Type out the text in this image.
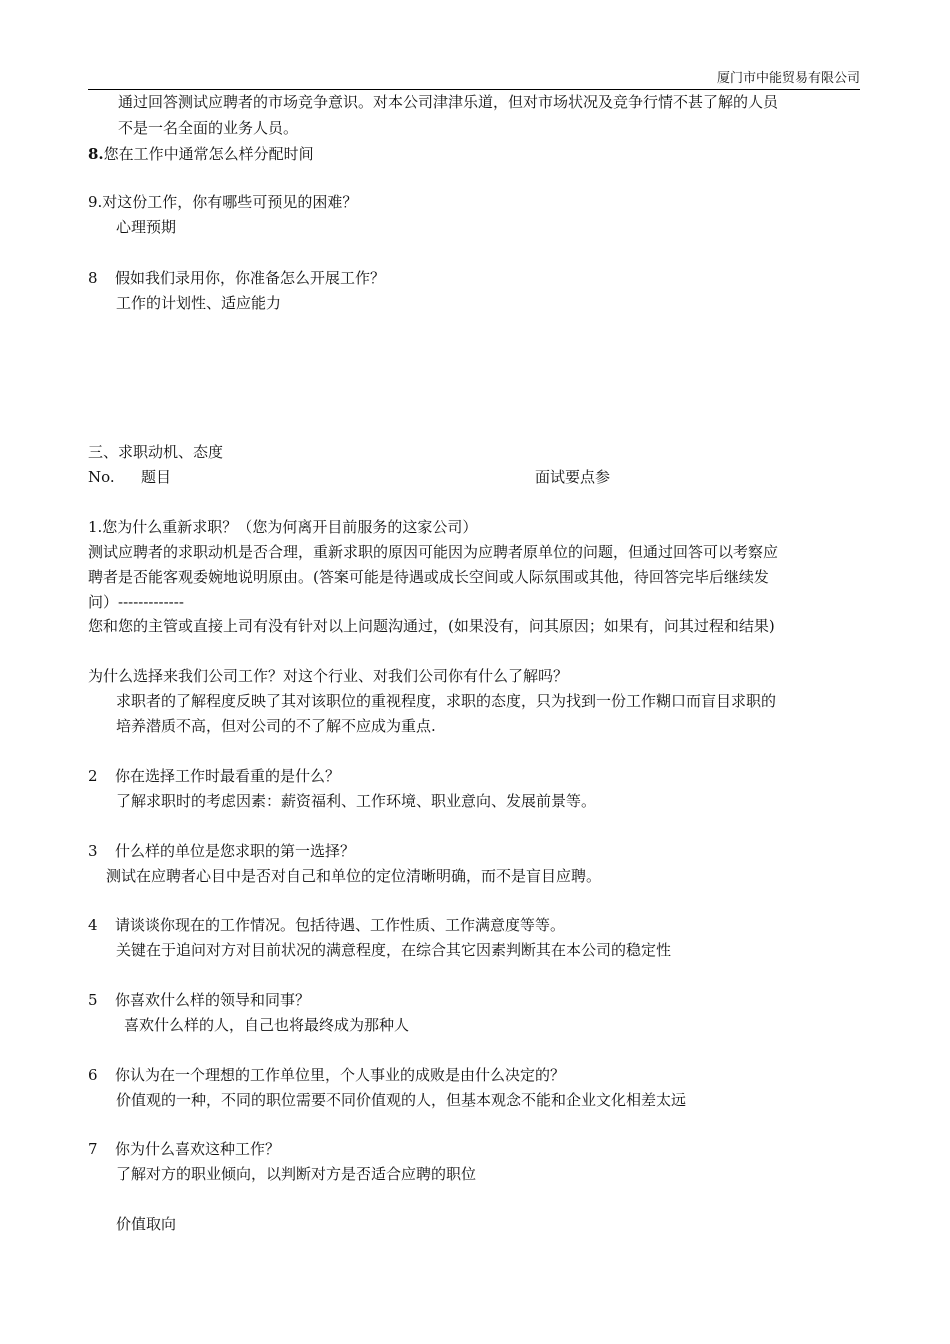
厦门市中能贸易有限公司
通过回答测试应聘者的市场竞争意识。对本公司津津乐道，但对市场状况及竞争行情不甚了解的人员
不是一名全面的业务人员。
8.您在工作中通常怎么样分配时间
9.对这份工作，你有哪些可预见的困难？
心理预期
8 假如我们录用你，你准备怎么开展工作？
工作的计划性、适应能力
三、求职动机、态度
No. 题目	面试要点参
1.您为什么重新求职？（您为何离开目前服务的这家公司）
测试应聘者的求职动机是否合理，重新求职的原因可能因为应聘者原单位的问题，但通过回答可以考察应
聘者是否能客观委婉地说明原由。(答案可能是待遇或成长空间或人际氛围或其他，待回答完毕后继续发
问）-------------
您和您的主管或直接上司有没有针对以上问题沟通过，(如果没有，问其原因；如果有，问其过程和结果)
为什么选择来我们公司工作？对这个行业、对我们公司你有什么了解吗？
求职者的了解程度反映了其对该职位的重视程度，求职的态度，只为找到一份工作糊口而盲目求职的
培养潜质不高，但对公司的不了解不应成为重点.
2 你在选择工作时最看重的是什么？
了解求职时的考虑因素：薪资福利、工作环境、职业意向、发展前景等。
3 什么样的单位是您求职的第一选择？
测试在应聘者心目中是否对自己和单位的定位清晰明确，而不是盲目应聘。
4 请谈谈你现在的工作情况。包括待遇、工作性质、工作满意度等等。
关键在于追问对方对目前状况的满意程度，在综合其它因素判断其在本公司的稳定性
5 你喜欢什么样的领导和同事？
喜欢什么样的人，自己也将最终成为那种人
6 你认为在一个理想的工作单位里，个人事业的成败是由什么决定的？
价值观的一种，不同的职位需要不同价值观的人，但基本观念不能和企业文化相差太远
7 你为什么喜欢这种工作？
了解对方的职业倾向，以判断对方是否适合应聘的职位
价值取向
